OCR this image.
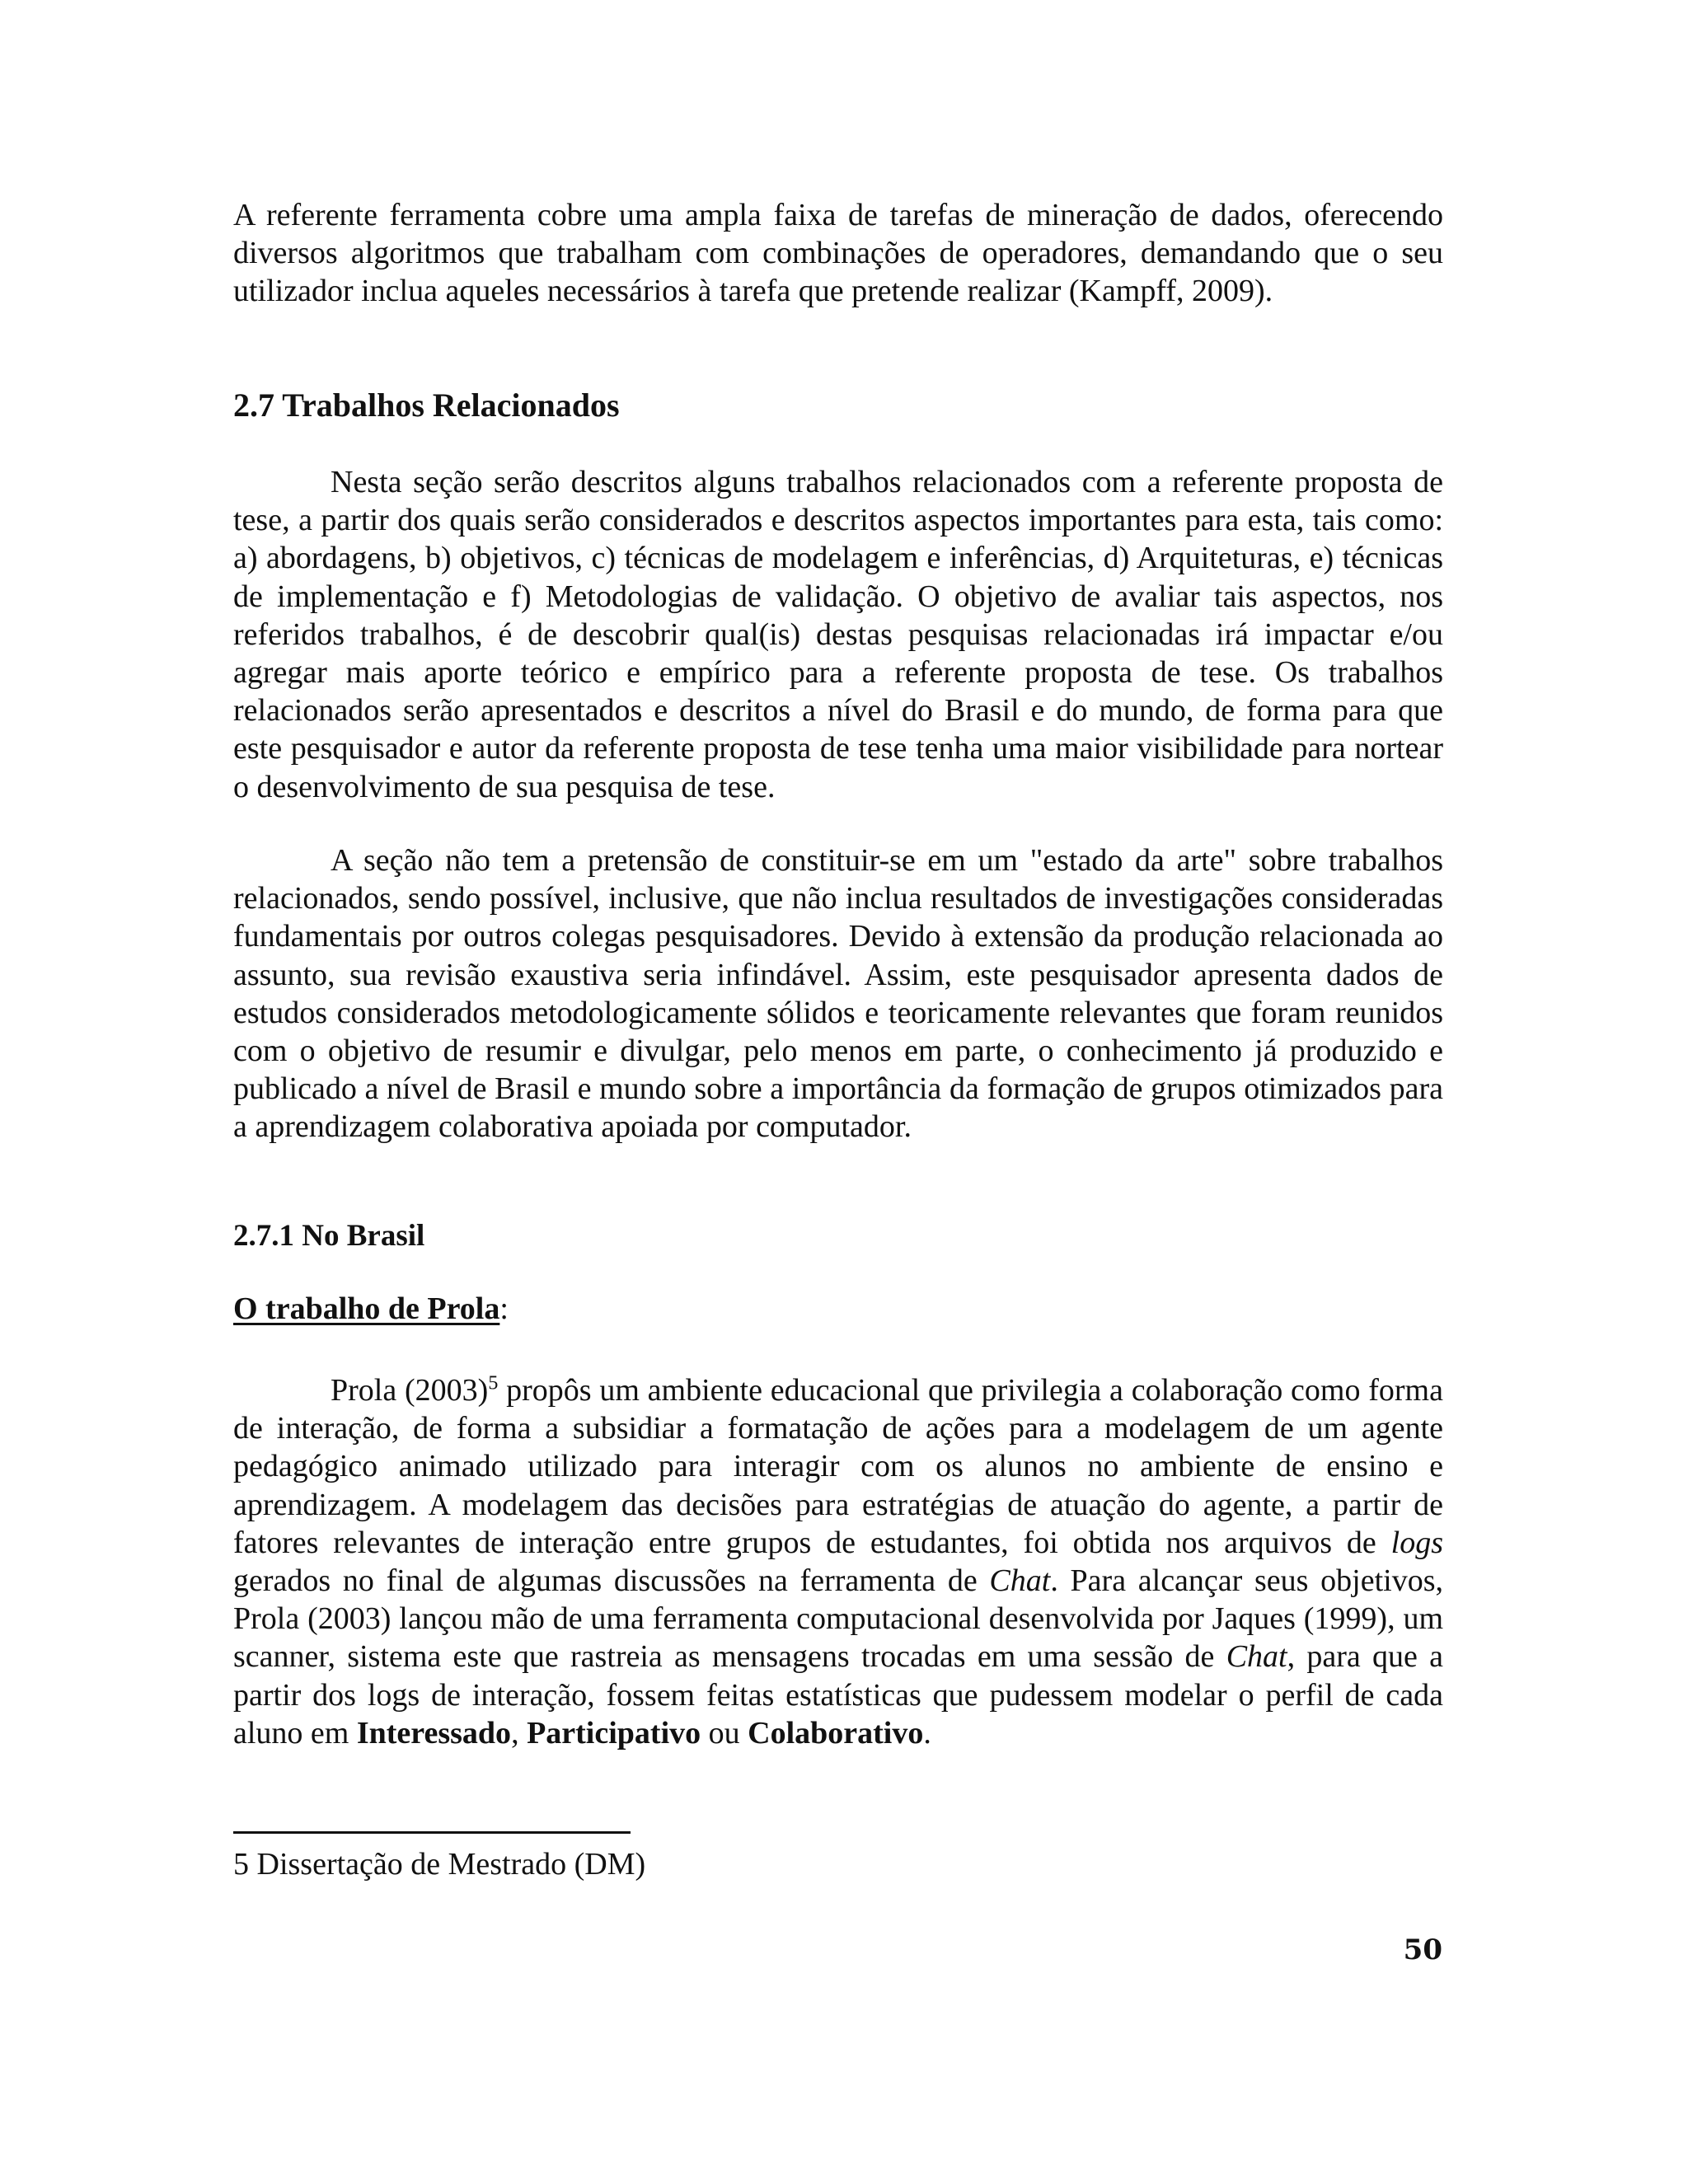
A referente ferramenta cobre uma ampla faixa de tarefas de mineração de dados, oferecendo diversos algoritmos que trabalham com combinações de operadores, demandando que o seu utilizador inclua aqueles necessários à tarefa que pretende realizar (Kampff, 2009).

2.7 Trabalhos Relacionados

Nesta seção serão descritos alguns trabalhos relacionados com a referente proposta de tese, a partir dos quais serão considerados e descritos aspectos importantes para esta, tais como: a) abordagens, b) objetivos, c) técnicas de modelagem e inferências, d) Arquiteturas, e) técnicas de implementação e f) Metodologias de validação. O objetivo de avaliar tais aspectos, nos referidos trabalhos, é de descobrir qual(is) destas pesquisas relacionadas irá impactar e/ou agregar mais aporte teórico e empírico para a referente proposta de tese. Os trabalhos relacionados serão apresentados e descritos a nível do Brasil e do mundo, de forma para que este pesquisador e autor da referente proposta de tese tenha uma maior visibilidade para nortear o desenvolvimento de sua pesquisa de tese.

A seção não tem a pretensão de constituir-se em um "estado da arte" sobre trabalhos relacionados, sendo possível, inclusive, que não inclua resultados de investigações consideradas fundamentais por outros colegas pesquisadores. Devido à extensão da produção relacionada ao assunto, sua revisão exaustiva seria infindável. Assim, este pesquisador apresenta dados de estudos considerados metodologicamente sólidos e teoricamente relevantes que foram reunidos com o objetivo de resumir e divulgar, pelo menos em parte, o conhecimento já produzido e publicado a nível de Brasil e mundo sobre a importância da formação de grupos otimizados para a aprendizagem colaborativa apoiada por computador.

2.7.1 No Brasil

O trabalho de Prola:

Prola $(2003)^5$ propôs um ambiente educacional que privilegia a colaboração como forma de interação, de forma a subsidiar a formatação de ações para a modelagem de um agente pedagógico animado utilizado para interagir com os alunos no ambiente de ensino e aprendizagem. A modelagem das decisões para estratégias de atuação do agente, a partir de fatores relevantes de interação entre grupos de estudantes, foi obtida nos arquivos de logs gerados no final de algumas discussões na ferramenta de Chat. Para alcançar seus objetivos, Prola (2003) lançou mão de uma ferramenta computacional desenvolvida por Jaques (1999), um scanner, sistema este que rastreia as mensagens trocadas em uma sessão de Chat, para que a partir dos logs de interação, fossem feitas estatísticas que pudessem modelar o perfil de cada aluno em Interessado, Participativo ou Colaborativo.

5 Dissertação de Mestrado (DM)

50
